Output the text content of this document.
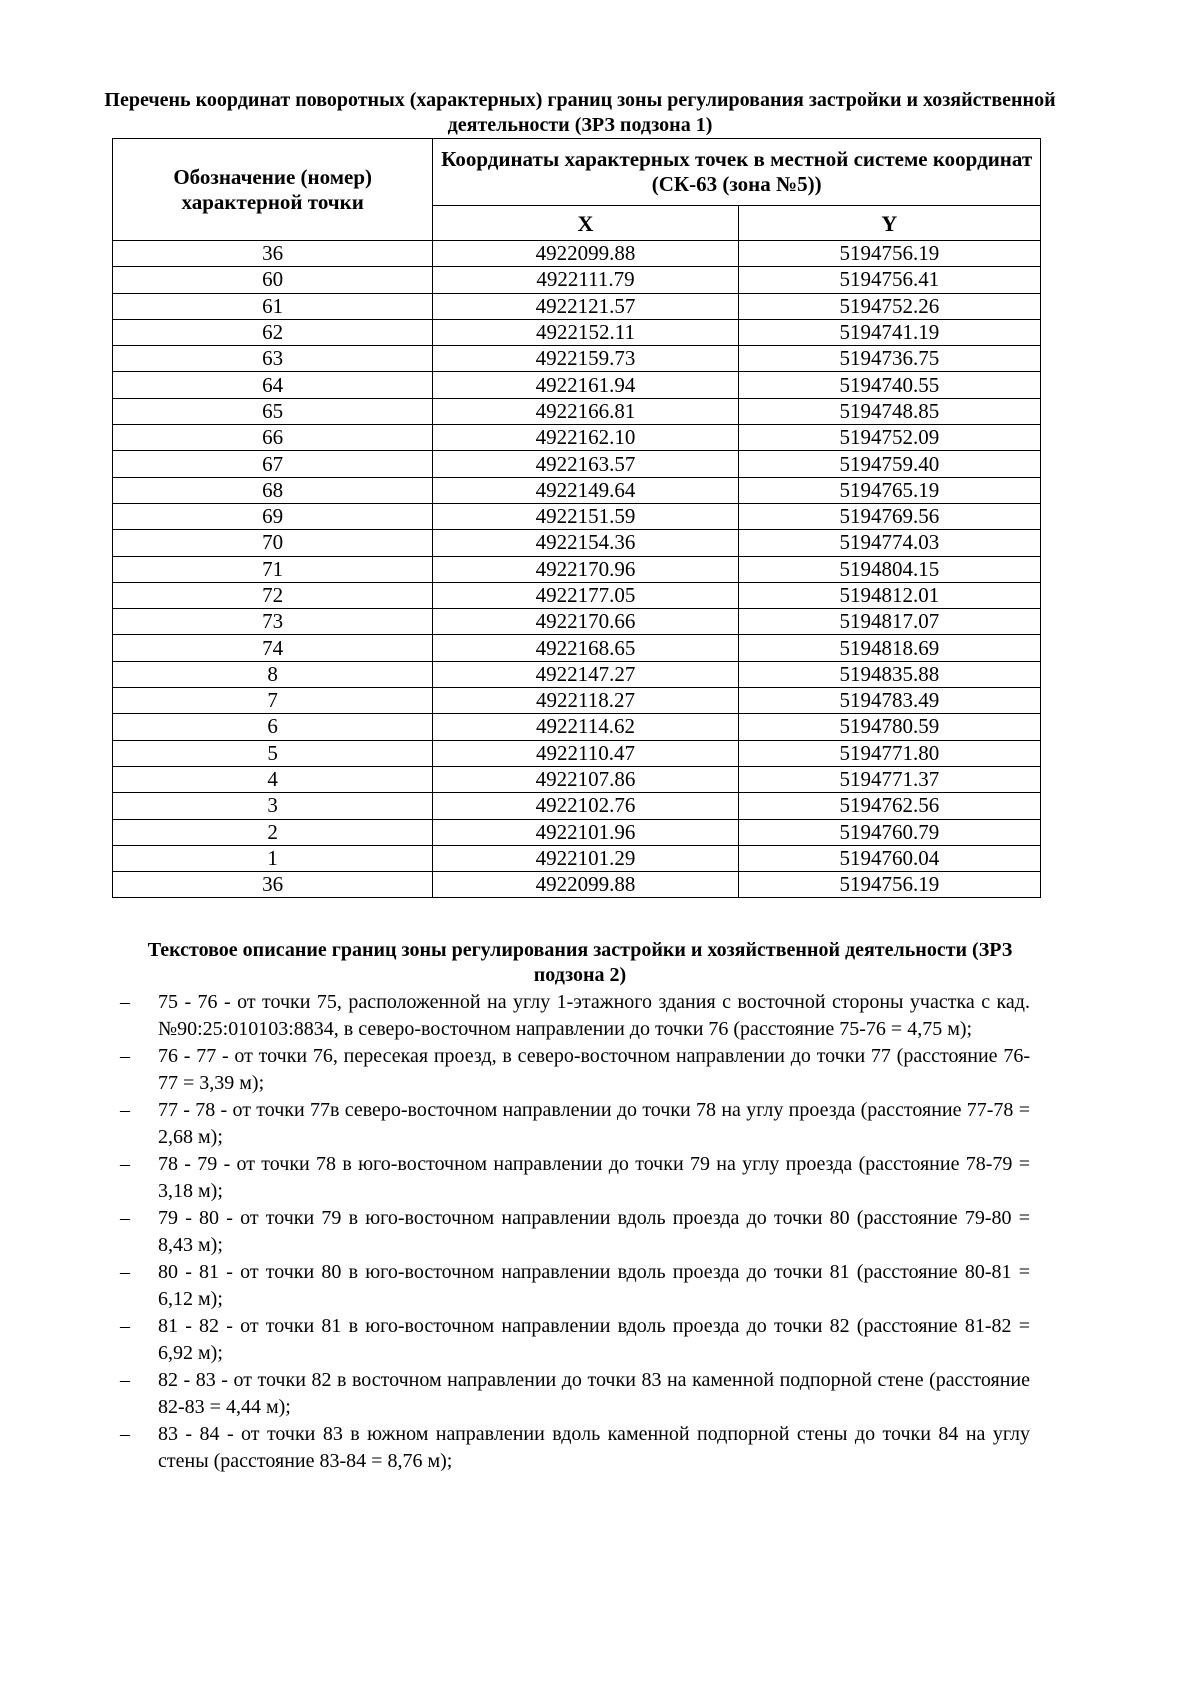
Перечень координат поворотных (характерных) границ зоны регулирования застройки и хозяйственной деятельности (ЗРЗ подзона 1)
Обозначение (номер) характерной точки	Координаты характерных точек в местной системе координат (СК-63 (зона №5))	
	X	Y
36	4922099.88	5194756.19
60	4922111.79	5194756.41
61	4922121.57	5194752.26
62	4922152.11	5194741.19
63	4922159.73	5194736.75
64	4922161.94	5194740.55
65	4922166.81	5194748.85
66	4922162.10	5194752.09
67	4922163.57	5194759.40
68	4922149.64	5194765.19
69	4922151.59	5194769.56
70	4922154.36	5194774.03
71	4922170.96	5194804.15
72	4922177.05	5194812.01
73	4922170.66	5194817.07
74	4922168.65	5194818.69
8	4922147.27	5194835.88
7	4922118.27	5194783.49
6	4922114.62	5194780.59
5	4922110.47	5194771.80
4	4922107.86	5194771.37
3	4922102.76	5194762.56
2	4922101.96	5194760.79
1	4922101.29	5194760.04
36	4922099.88	5194756.19
Текстовое описание границ зоны регулирования застройки и хозяйственной деятельности (ЗРЗ подзона 2)
– 75 - 76 - от точки 75, расположенной на углу 1-этажного здания с восточной стороны участка с кад. №90:25:010103:8834, в северо-восточном направлении до точки 76 (расстояние 75-76 = 4,75 м);
– 76 - 77 - от точки 76, пересекая проезд, в северо-восточном направлении до точки 77 (расстояние 76-77 = 3,39 м);
– 77 - 78 - от точки 77в северо-восточном направлении до точки 78 на углу проезда (расстояние 77-78 = 2,68 м);
– 78 - 79 - от точки 78 в юго-восточном направлении до точки 79 на углу проезда (расстояние 78-79 = 3,18 м);
– 79 - 80 - от точки 79 в юго-восточном направлении вдоль проезда до точки 80 (расстояние 79-80 = 8,43 м);
– 80 - 81 - от точки 80 в юго-восточном направлении вдоль проезда до точки 81 (расстояние 80-81 = 6,12 м);
– 81 - 82 - от точки 81 в юго-восточном направлении вдоль проезда до точки 82 (расстояние 81-82 = 6,92 м);
– 82 - 83 - от точки 82 в восточном направлении до точки 83 на каменной подпорной стене (расстояние 82-83 = 4,44 м);
– 83 - 84 - от точки 83 в южном направлении вдоль каменной подпорной стены до точки 84 на углу стены (расстояние 83-84 = 8,76 м);
